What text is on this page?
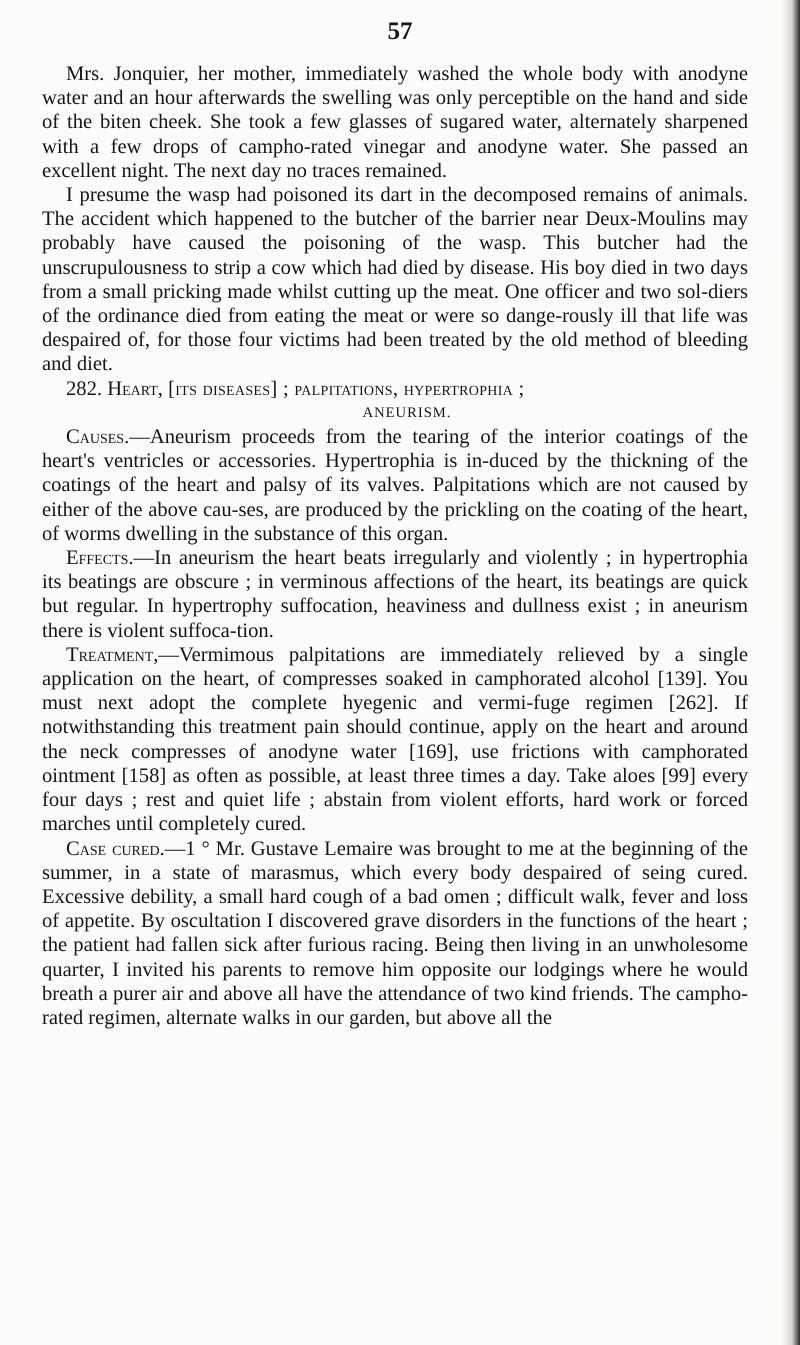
57

Mrs. Jonquier, her mother, immediately washed the whole body with anodyne water and an hour afterwards the swelling was only perceptible on the hand and side of the biten cheek. She took a few glasses of sugared water, alternately sharpened with a few drops of campho-rated vinegar and anodyne water. She passed an excellent night. The next day no traces remained.

I presume the wasp had poisoned its dart in the decomposed remains of animals. The accident which happened to the butcher of the barrier near Deux-Moulins may probably have caused the poisoning of the wasp. This butcher had the unscrupulousness to strip a cow which had died by disease. His boy died in two days from a small pricking made whilst cutting up the meat. One officer and two sol-diers of the ordinance died from eating the meat or were so dange-rously ill that life was despaired of, for those four victims had been treated by the old method of bleeding and diet.

282. Heart, [its diseases] ; palpitations, hypertrophia ;

ANEURISM.

Causes.—Aneurism proceeds from the tearing of the interior coatings of the heart's ventricles or accessories. Hypertrophia is in-duced by the thickning of the coatings of the heart and palsy of its valves. Palpitations which are not caused by either of the above cau-ses, are produced by the prickling on the coating of the heart, of worms dwelling in the substance of this organ.

Effects.—In aneurism the heart beats irregularly and violently ; in hypertrophia its beatings are obscure ; in verminous affections of the heart, its beatings are quick but regular. In hypertrophy suffocation, heaviness and dullness exist ; in aneurism there is violent suffoca-tion.

Treatment,—Vermimous palpitations are immediately relieved by a single application on the heart, of compresses soaked in camphorated alcohol [139]. You must next adopt the complete hyegenic and vermi-fuge regimen [262]. If notwithstanding this treatment pain should continue, apply on the heart and around the neck compresses of anodyne water [169], use frictions with camphorated ointment [158] as often as possible, at least three times a day. Take aloes [99] every four days ; rest and quiet life ; abstain from violent efforts, hard work or forced marches until completely cured.

Case cured.—1 ° Mr. Gustave Lemaire was brought to me at the beginning of the summer, in a state of marasmus, which every body despaired of seing cured. Excessive debility, a small hard cough of a bad omen ; difficult walk, fever and loss of appetite. By oscultation I discovered grave disorders in the functions of the heart ; the patient had fallen sick after furious racing. Being then living in an unwholesome quarter, I invited his parents to remove him opposite our lodgings where he would breath a purer air and above all have the attendance of two kind friends. The campho-rated regimen, alternate walks in our garden, but above all the
